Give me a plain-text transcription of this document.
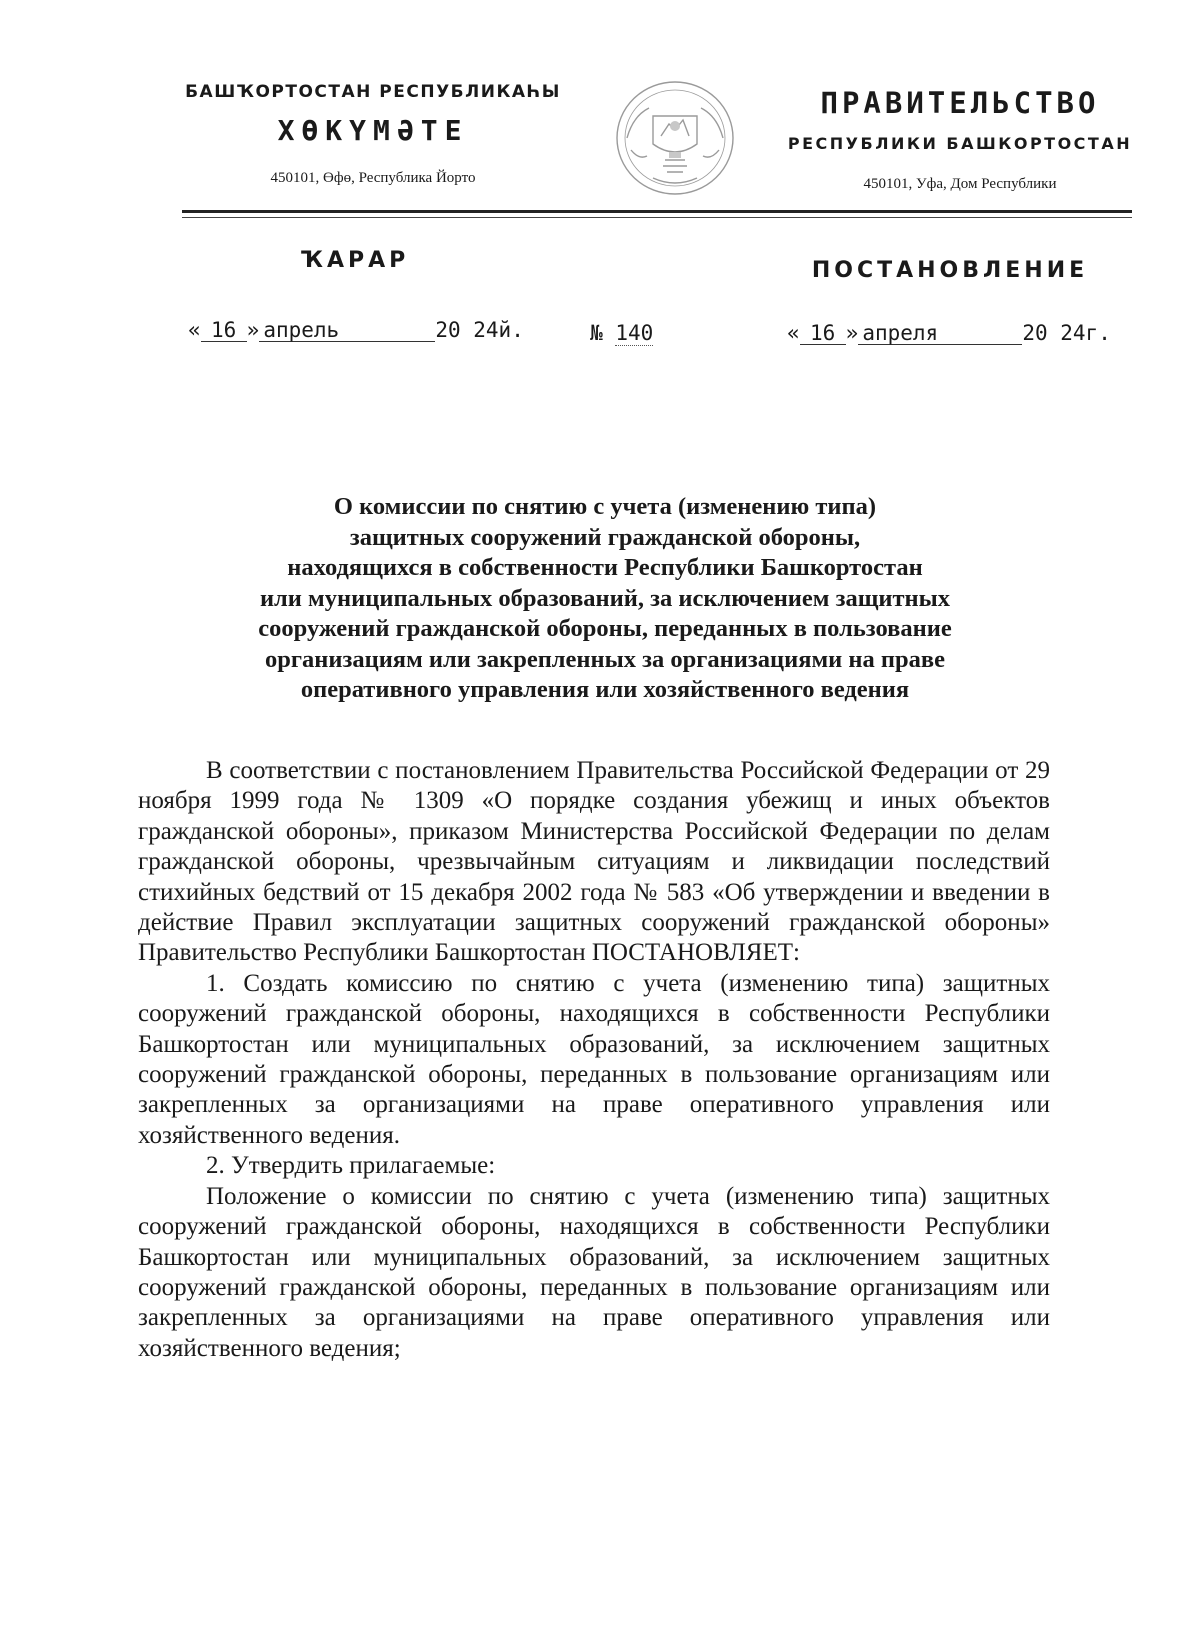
БАШҠОРТОСТАН РЕСПУБЛИКАҺЫ
ХӨКҮМӘТЕ
450101, Өфө, Республика Йорто
ПРАВИТЕЛЬСТВО
РЕСПУБЛИКИ БАШКОРТОСТАН
450101, Уфа, Дом Республики
ҠАРАР	ПОСТАНОВЛЕНИЕ
« 16 » апрель	20 24й.	№ 140	« 16 » апреля	20 24г.
О комиссии по снятию с учета (изменению типа)
защитных сооружений гражданской обороны,
находящихся в собственности Республики Башкортостан
или муниципальных образований, за исключением защитных
сооружений гражданской обороны, переданных в пользование
организациям или закрепленных за организациями на праве
оперативного управления или хозяйственного ведения

В соответствии с постановлением Правительства Российской Федерации от 29 ноября 1999 года № 1309 «О порядке создания убежищ и иных объектов гражданской обороны», приказом Министерства Российской Федерации по делам гражданской обороны, чрезвычайным ситуациям и ликвидации последствий стихийных бедствий от 15 декабря 2002 года № 583 «Об утверждении и введении в действие Правил эксплуатации защитных сооружений гражданской обороны» Правительство Республики Башкортостан ПОСТАНОВЛЯЕТ:

1. Создать комиссию по снятию с учета (изменению типа) защитных сооружений гражданской обороны, находящихся в собственности Республики Башкортостан или муниципальных образований, за исключением защитных сооружений гражданской обороны, переданных в пользование организациям или закрепленных за организациями на праве оперативного управления или хозяйственного ведения.

2. Утвердить прилагаемые:

Положение о комиссии по снятию с учета (изменению типа) защитных сооружений гражданской обороны, находящихся в собственности Республики Башкортостан или муниципальных образований, за исключением защитных сооружений гражданской обороны, переданных в пользование организациям или закрепленных за организациями на праве оперативного управления или хозяйственного ведения;
